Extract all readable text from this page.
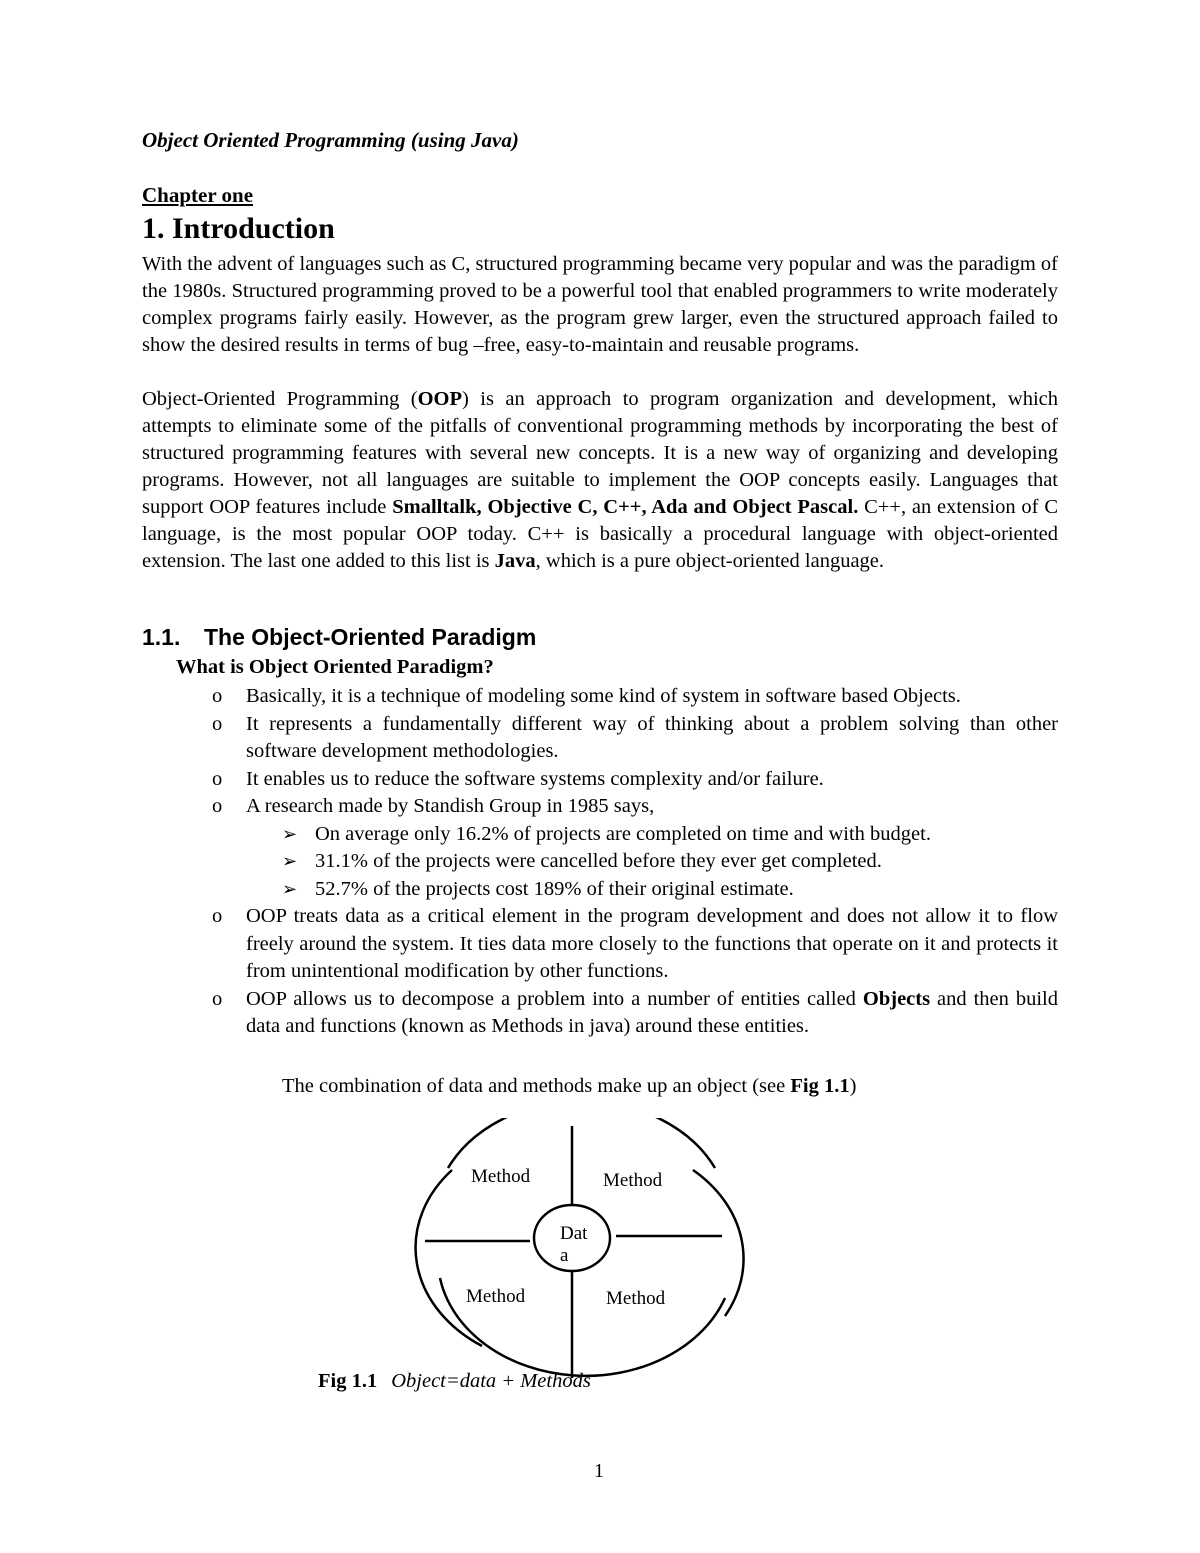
Object Oriented Programming (using Java)

Chapter one

1. Introduction

With the advent of languages such as C, structured programming became very popular and was the paradigm of the 1980s. Structured programming proved to be a powerful tool that enabled programmers to write moderately complex programs fairly easily. However, as the program grew larger, even the structured approach failed to show the desired results in terms of bug –free, easy-to-maintain and reusable programs.

Object-Oriented Programming (OOP) is an approach to program organization and development, which attempts to eliminate some of the pitfalls of conventional programming methods by incorporating the best of structured programming features with several new concepts. It is a new way of organizing and developing programs. However, not all languages are suitable to implement the OOP concepts easily. Languages that support OOP features include Smalltalk, Objective C, C++, Ada and Object Pascal. C++, an extension of C language, is the most popular OOP today. C++ is basically a procedural language with object-oriented extension. The last one added to this list is Java, which is a pure object-oriented language.

1.1. The Object-Oriented Paradigm

What is Object Oriented Paradigm?

o Basically, it is a technique of modeling some kind of system in software based Objects.
o It represents a fundamentally different way of thinking about a problem solving than other software development methodologies.
o It enables us to reduce the software systems complexity and/or failure.
o A research made by Standish Group in 1985 says,
➢ On average only 16.2% of projects are completed on time and with budget.
➢ 31.1% of the projects were cancelled before they ever get completed.
➢ 52.7% of the projects cost 189% of their original estimate.
o OOP treats data as a critical element in the program development and does not allow it to flow freely around the system. It ties data more closely to the functions that operate on it and protects it from unintentional modification by other functions.
o OOP allows us to decompose a problem into a number of entities called Objects and then build data and functions (known as Methods in java) around these entities.

The combination of data and methods make up an object (see Fig 1.1)

Method	Method
Method	Method
Dat
a

Fig 1.1 Object=data + Methods

1
